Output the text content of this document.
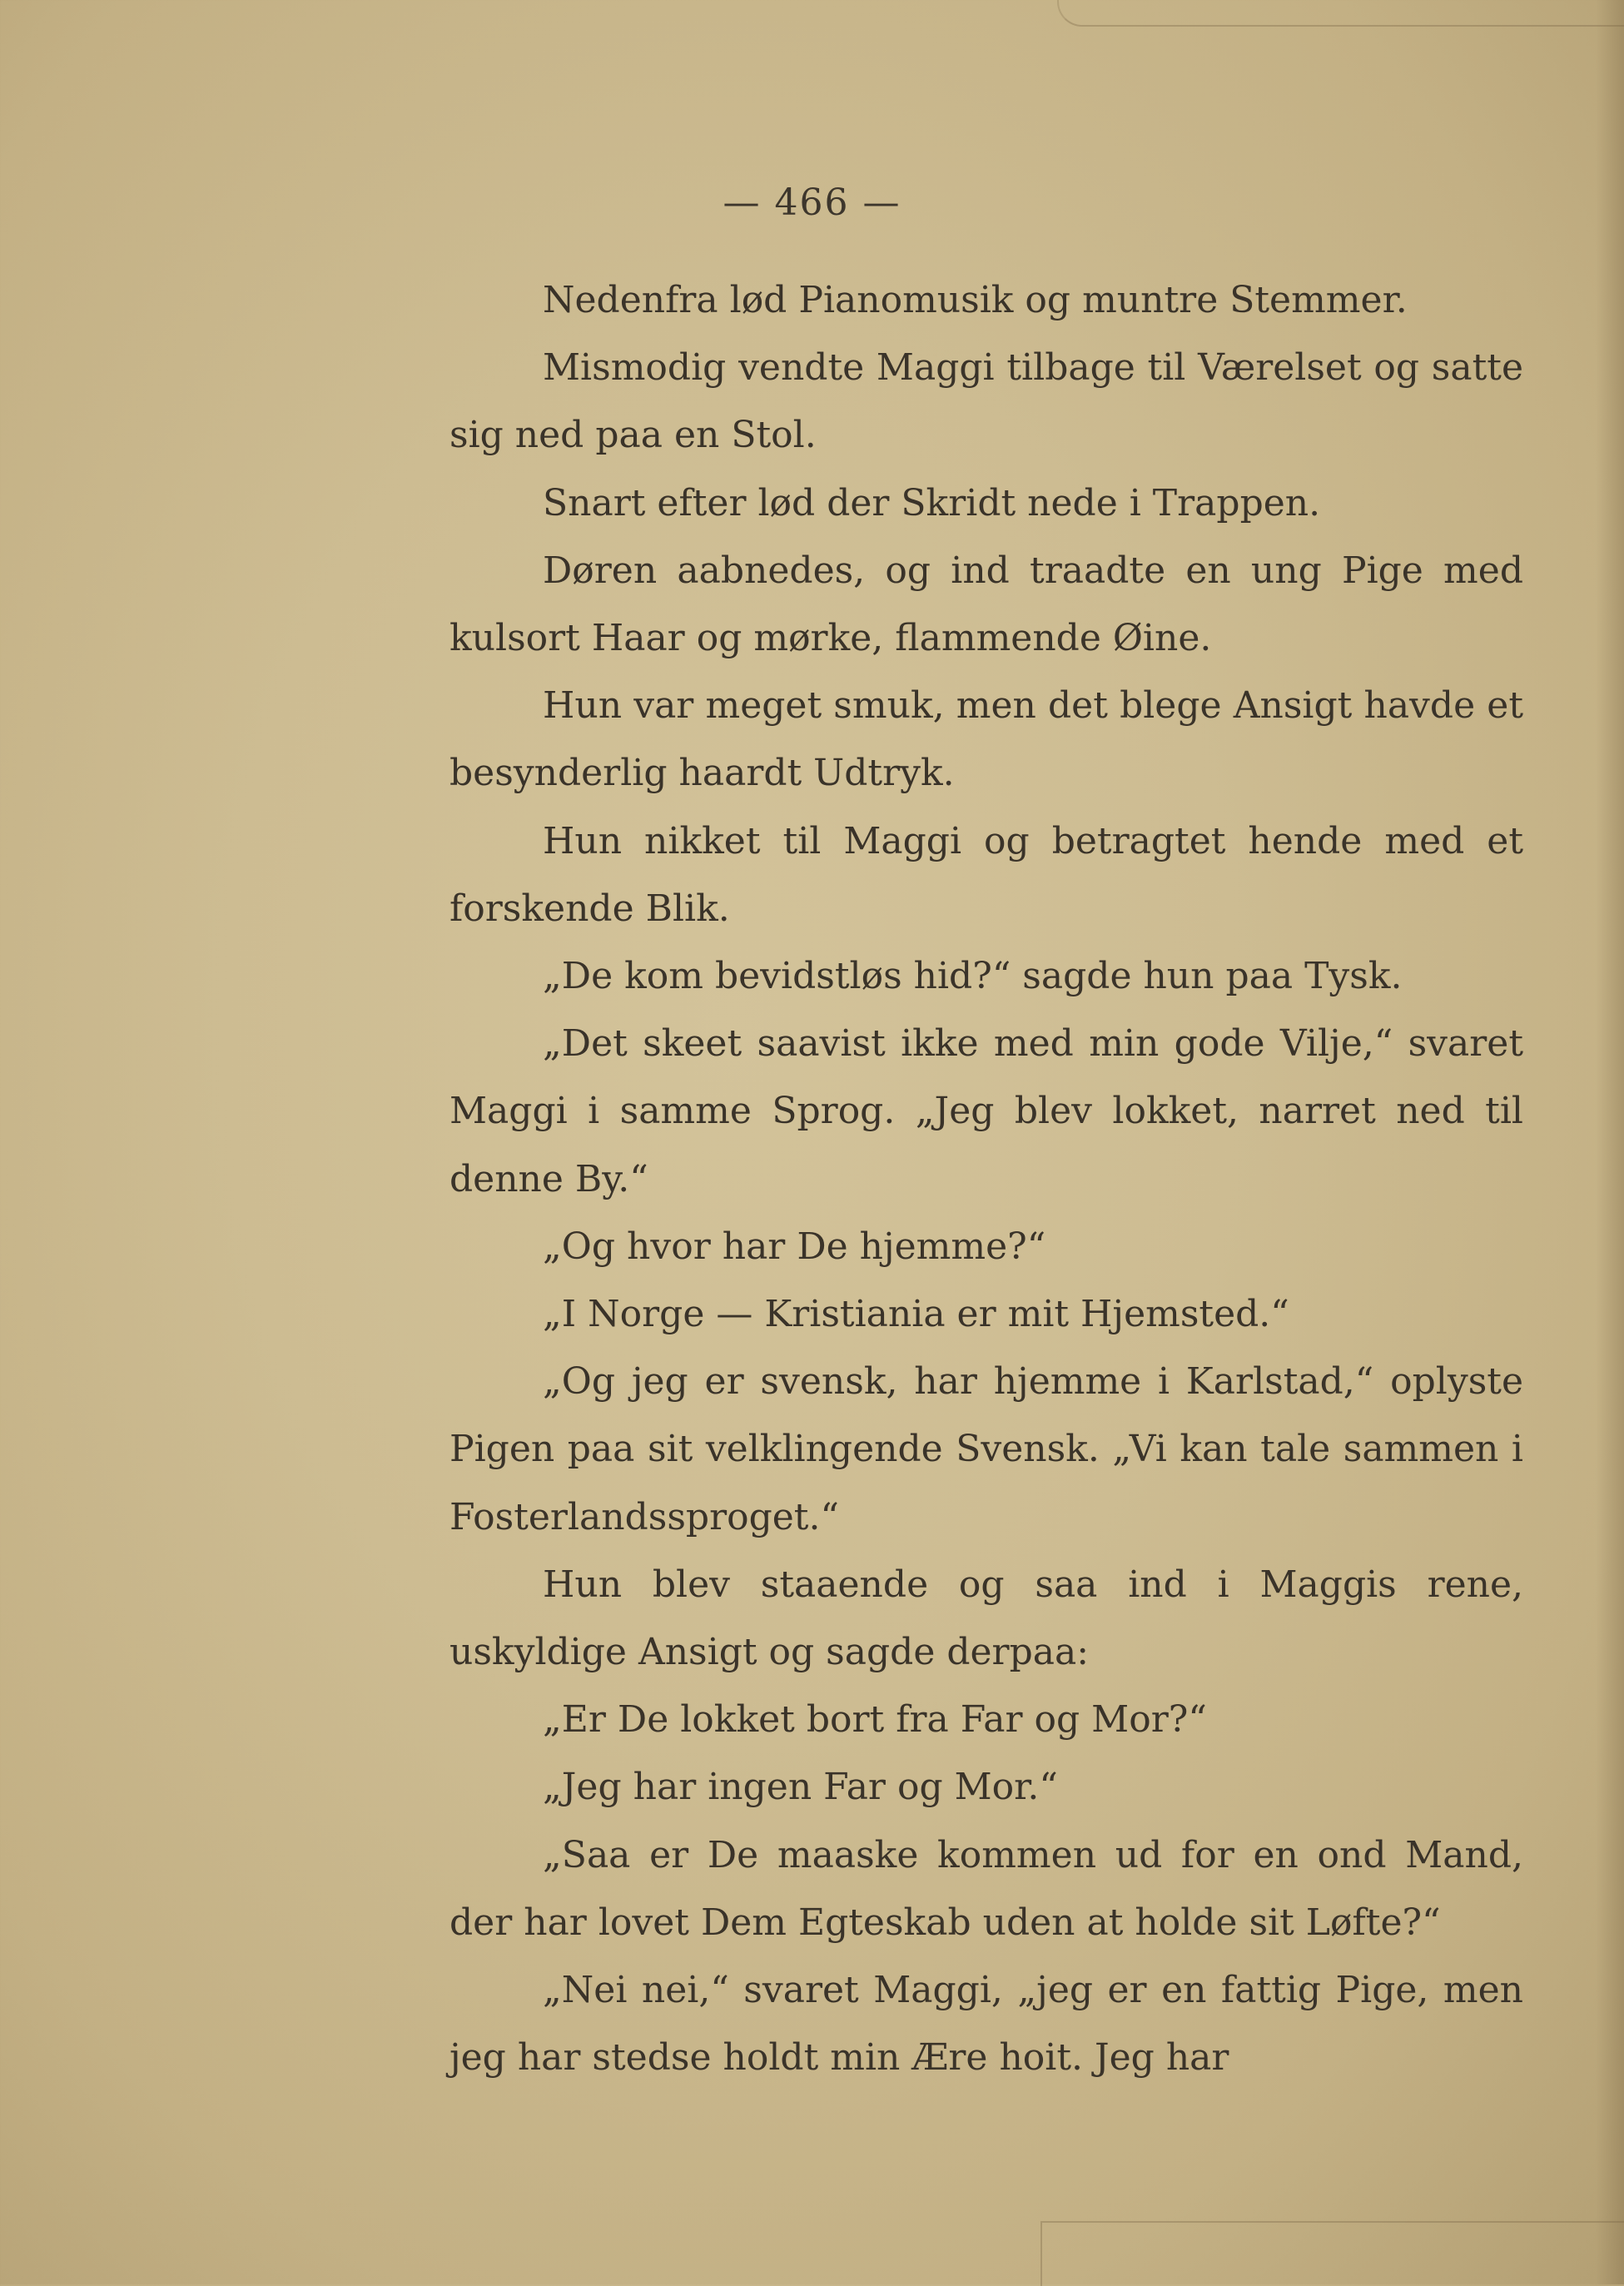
— 466 —

Nedenfra lød Pianomusik og muntre Stemmer.

Mismodig vendte Maggi tilbage til Værelset og satte sig ned paa en Stol.

Snart efter lød der Skridt nede i Trappen.

Døren aabnedes, og ind traadte en ung Pige med kulsort Haar og mørke, flammende Øine.

Hun var meget smuk, men det blege Ansigt havde et besynderlig haardt Udtryk.

Hun nikket til Maggi og betragtet hende med et forskende Blik.

„De kom bevidstløs hid?“ sagde hun paa Tysk.

„Det skeet saavist ikke med min gode Vilje,“ svaret Maggi i samme Sprog. „Jeg blev lokket, narret ned til denne By.“

„Og hvor har De hjemme?“

„I Norge — Kristiania er mit Hjemsted.“

„Og jeg er svensk, har hjemme i Karlstad,“ oplyste Pigen paa sit velklingende Svensk. „Vi kan tale sammen i Fosterlandssproget.“

Hun blev staaende og saa ind i Maggis rene, uskyldige Ansigt og sagde derpaa:

„Er De lokket bort fra Far og Mor?“

„Jeg har ingen Far og Mor.“

„Saa er De maaske kommen ud for en ond Mand, der har lovet Dem Egteskab uden at holde sit Løfte?“

„Nei nei,“ svaret Maggi, „jeg er en fattig Pige, men jeg har stedse holdt min Ære hoit. Jeg har
